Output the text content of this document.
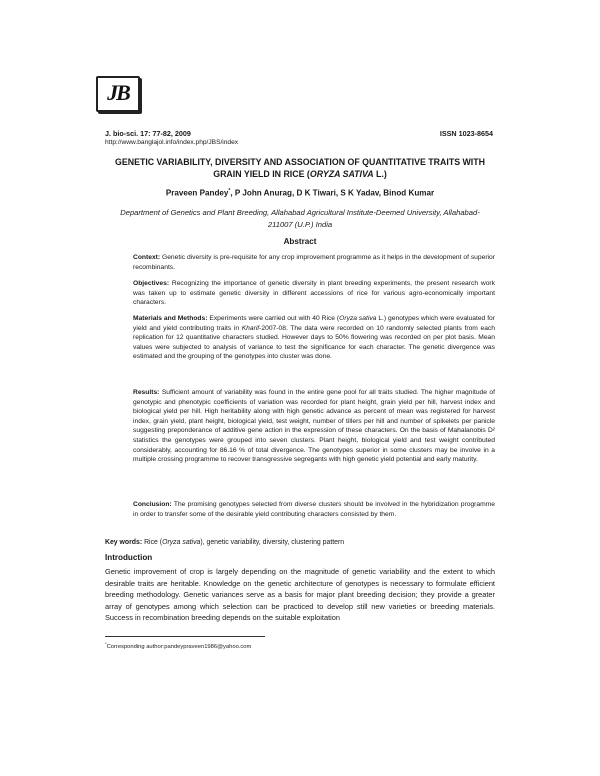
JB
J. bio-sci. 17: 77-82, 2009
http://www.banglajol.info/index.php/JBS/index
ISSN 1023-8654
GENETIC VARIABILITY, DIVERSITY AND ASSOCIATION OF QUANTITATIVE TRAITS WITH GRAIN YIELD IN RICE (ORYZA SATIVA L.)
Praveen Pandey*, P John Anurag, D K Tiwari, S K Yadav, Binod Kumar
Department of Genetics and Plant Breeding, Allahabad Agricultural Institute-Deemed University, Allahabad-211007 (U.P.) India
Abstract
Context: Genetic diversity is pre-requisite for any crop improvement programme as it helps in the development of superior recombinants.
Objectives: Recognizing the importance of genetic diversity in plant breeding experiments, the present research work was taken up to estimate genetic diversity in different accessions of rice for various agro-economically important characters.
Materials and Methods: Experiments were carried out with 40 Rice (Oryza sativa L.) genotypes which were evaluated for yield and yield contributing traits in Kharif-2007-08. The data were recorded on 10 randomly selected plants from each replication for 12 quantitative characters studied. However days to 50% flowering was recorded on per plot basis. Mean values were subjected to analysis of variance to test the significance for each character. The genetic divergence was estimated and the grouping of the genotypes into cluster was done.
Results: Sufficient amount of variability was found in the entire gene pool for all traits studied. The higher magnitude of genotypic and phenotypic coefficients of variation was recorded for plant height, grain yield per hill, harvest index and biological yield per hill. High heritability along with high genetic advance as percent of mean was registered for harvest index, grain yield, plant height, biological yield, test weight, number of tillers per hill and number of spikelets per panicle suggesting preponderance of additive gene action in the expression of these characters. On the basis of Mahalanobis D² statistics the genotypes were grouped into seven clusters. Plant height, biological yield and test weight contributed considerably, accounting for 86.16 % of total divergence. The genotypes superior in some clusters may be involve in a multiple crossing programme to recover transgressive segregants with high genetic yield potential and early maturity.
Conclusion: The promising genotypes selected from diverse clusters should be involved in the hybridization programme in order to transfer some of the desirable yield contributing characters consisted by them.
Key words: Rice (Oryza sativa), genetic variability, diversity, clustering pattern
Introduction
Genetic improvement of crop is largely depending on the magnitude of genetic variability and the extent to which desirable traits are heritable. Knowledge on the genetic architecture of genotypes is necessary to formulate efficient breeding methodology. Genetic variances serve as a basis for major plant breeding decision; they provide a greater array of genotypes among which selection can be practiced to develop still new varieties or breeding materials. Success in recombination breeding depends on the suitable exploitation
*Corresponding author:pandeypraveen1986@yahoo.com
